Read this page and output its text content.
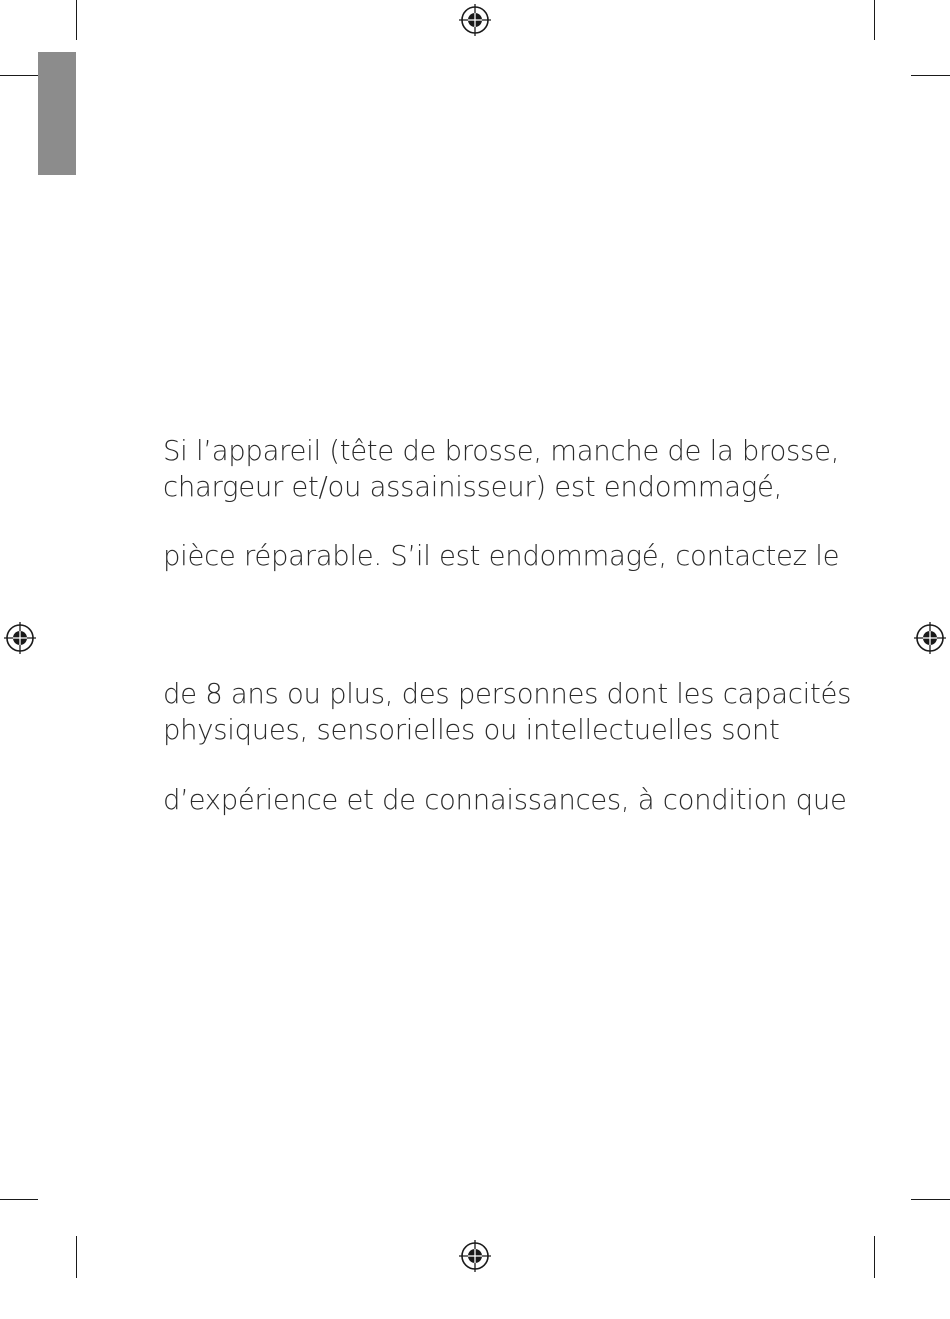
Si l’appareil (tête de brosse, manche de la brosse,
chargeur et/ou assainisseur) est endommagé,
pièce réparable. S’il est endommagé, contactez le
de 8 ans ou plus, des personnes dont les capacités
physiques, sensorielles ou intellectuelles sont
d’expérience et de connaissances, à condition que
